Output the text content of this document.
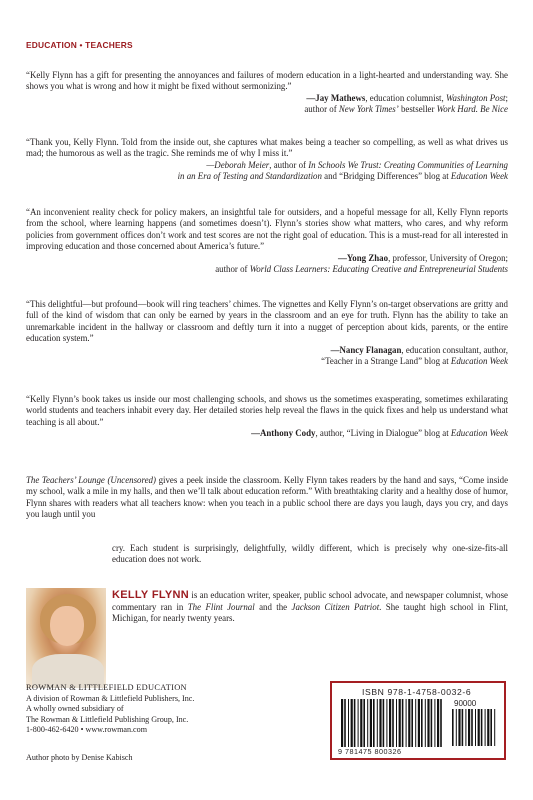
EDUCATION • TEACHERS

“Kelly Flynn has a gift for presenting the annoyances and failures of modern education in a light-hearted and understanding way. She shows you what is wrong and how it might be fixed without sermonizing.”

—Jay Mathews, education columnist, Washington Post;

author of New York Times’ bestseller Work Hard. Be Nice

“Thank you, Kelly Flynn. Told from the inside out, she captures what makes being a teacher so compelling, as well as what drives us mad; the humorous as well as the tragic. She reminds me of why I miss it.”

—Deborah Meier, author of In Schools We Trust: Creating Communities of Learning

in an Era of Testing and Standardization and “Bridging Differences” blog at Education Week

“An inconvenient reality check for policy makers, an insightful tale for outsiders, and a hopeful message for all, Kelly Flynn reports from the school, where learning happens (and sometimes doesn’t). Flynn’s stories show what matters, who cares, and why reform policies from government offices don’t work and test scores are not the right goal of education. This is a must-read for all interested in improving education and those concerned about America’s future.”

—Yong Zhao, professor, University of Oregon;

author of World Class Learners: Educating Creative and Entrepreneurial Students

“This delightful—but profound—book will ring teachers’ chimes. The vignettes and Kelly Flynn’s on-target observations are gritty and full of the kind of wisdom that can only be earned by years in the classroom and an eye for truth. Flynn has the ability to take an unremarkable incident in the hallway or classroom and deftly turn it into a nugget of perception about kids, parents, or the entire education system.”

—Nancy Flanagan, education consultant, author,

“Teacher in a Strange Land” blog at Education Week

“Kelly Flynn’s book takes us inside our most challenging schools, and shows us the sometimes exasperating, sometimes exhilarating world students and teachers inhabit every day. Her detailed stories help reveal the flaws in the quick fixes and help us understand what teaching is all about.”

—Anthony Cody, author, “Living in Dialogue” blog at Education Week

The Teachers’ Lounge (Uncensored) gives a peek inside the classroom. Kelly Flynn takes readers by the hand and says, “Come inside my school, walk a mile in my halls, and then we’ll talk about education reform.” With breathtaking clarity and a healthy dose of humor, Flynn shares with readers what all teachers know: when you teach in a public school there are days you laugh, days you cry, and days you laugh until you
cry. Each student is surprisingly, delightfully, wildly different, which is precisely why one-size-fits-all education does not work.
KELLY FLYNN is an education writer, speaker, public school advocate, and newspaper columnist, whose commentary ran in The Flint Journal and the Jackson Citizen Patriot. She taught high school in Flint, Michigan, for nearly twenty years.
ROWMAN & LITTLEFIELD EDUCATION
A division of Rowman & Littlefield Publishers, Inc.
A wholly owned subsidiary of
The Rowman & Littlefield Publishing Group, Inc.
1-800-462-6420 • www.rowman.com
Author photo by Denise Kabisch
ISBN 978-1-4758-0032-6
90000
9 781475 800326
